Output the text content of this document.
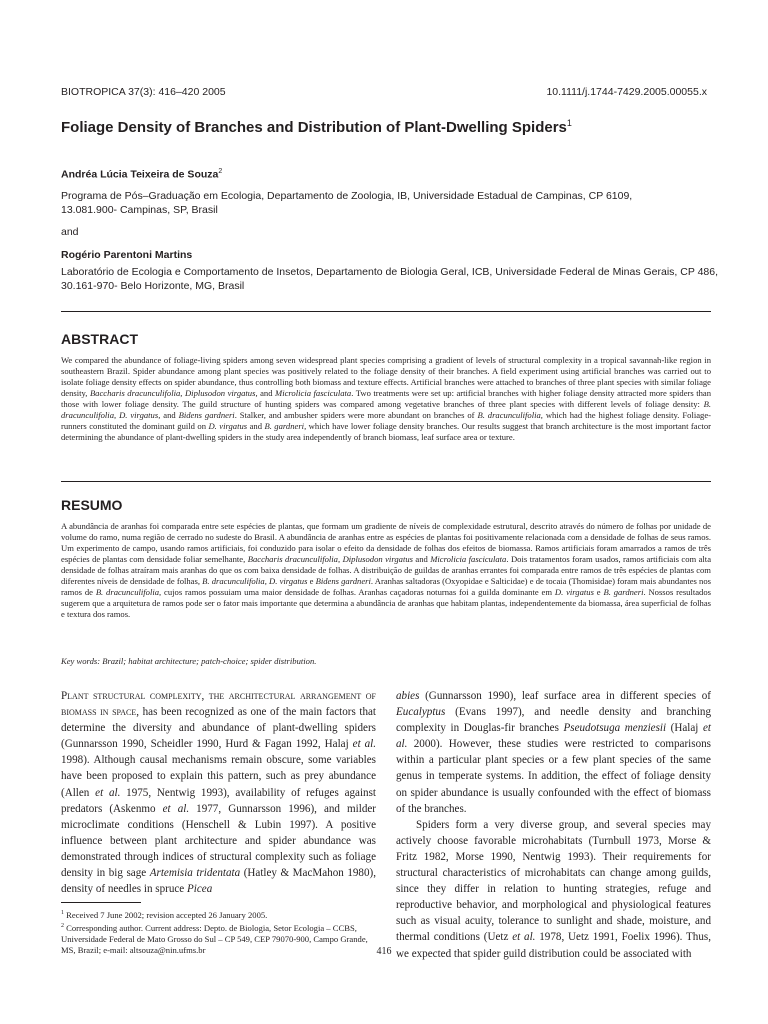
BIOTROPICA 37(3): 416–420 2005	10.1111/j.1744-7429.2005.00055.x
Foliage Density of Branches and Distribution of Plant-Dwelling Spiders$^1$
Andréa Lúcia Teixeira de Souza$^2$
Programa de Pós–Graduação em Ecologia, Departamento de Zoologia, IB, Universidade Estadual de Campinas, CP 6109,
13.081.900- Campinas, SP, Brasil
and
Rogério Parentoni Martins
Laboratório de Ecologia e Comportamento de Insetos, Departamento de Biologia Geral, ICB, Universidade Federal de Minas Gerais, CP 486,
30.161-970- Belo Horizonte, MG, Brasil
ABSTRACT
We compared the abundance of foliage-living spiders among seven widespread plant species comprising a gradient of levels of structural complexity in a tropical savannah-like region in southeastern Brazil. Spider abundance among plant species was positively related to the foliage density of their branches. A field experiment using artificial branches was carried out to isolate foliage density effects on spider abundance, thus controlling both biomass and texture effects. Artificial branches were attached to branches of three plant species with similar foliage density, Baccharis dracunculifolia, Diplusodon virgatus, and Microlicia fasciculata. Two treatments were set up: artificial branches with higher foliage density attracted more spiders than those with lower foliage density. The guild structure of hunting spiders was compared among vegetative branches of three plant species with different levels of foliage density: B. dracunculifolia, D. virgatus, and Bidens gardneri. Stalker, and ambusher spiders were more abundant on branches of B. dracunculifolia, which had the highest foliage density. Foliage-runners constituted the dominant guild on D. virgatus and B. gardneri, which have lower foliage density branches. Our results suggest that branch architecture is the most important factor determining the abundance of plant-dwelling spiders in the study area independently of branch biomass, leaf surface area or texture.
RESUMO
A abundância de aranhas foi comparada entre sete espécies de plantas, que formam um gradiente de níveis de complexidade estrutural, descrito através do número de folhas por unidade de volume do ramo, numa região de cerrado no sudeste do Brasil. A abundância de aranhas entre as espécies de plantas foi positivamente relacionada com a densidade de folhas de seus ramos. Um experimento de campo, usando ramos artificiais, foi conduzido para isolar o efeito da densidade de folhas dos efeitos de biomassa. Ramos artificiais foram amarrados a ramos de três espécies de plantas com densidade foliar semelhante, Baccharis dracunculifolia, Diplusodon virgatus and Microlicia fasciculata. Dois tratamentos foram usados, ramos artificiais com alta densidade de folhas atraíram mais aranhas do que os com baixa densidade de folhas. A distribuição de guildas de aranhas errantes foi comparada entre ramos de três espécies de plantas com diferentes níveis de densidade de folhas, B. dracunculifolia, D. virgatus e Bidens gardneri. Aranhas saltadoras (Oxyopidae e Salticidae) e de tocaia (Thomisidae) foram mais abundantes nos ramos de B. dracunculifolia, cujos ramos possuiam uma maior densidade de folhas. Aranhas caçadoras noturnas foi a guilda dominante em D. virgatus e B. gardneri. Nossos resultados sugerem que a arquitetura de ramos pode ser o fator mais importante que determina a abundância de aranhas que habitam plantas, independentemente da biomassa, área superficial de folhas e textura dos ramos.
Key words: Brazil; habitat architecture; patch-choice; spider distribution.

Plant structural complexity, the architectural arrangement of biomass in space, has been recognized as one of the main factors that determine the diversity and abundance of plant-dwelling spiders (Gunnarsson 1990, Scheidler 1990, Hurd & Fagan 1992, Halaj et al. 1998). Although causal mechanisms remain obscure, some variables have been proposed to explain this pattern, such as prey abundance (Allen et al. 1975, Nentwig 1993), availability of refuges against predators (Askenmo et al. 1977, Gunnarsson 1996), and milder microclimate conditions (Henschell & Lubin 1997). A positive influence between plant architecture and spider abundance was demonstrated through indices of structural complexity such as foliage density in big sage Artemisia tridentata (Hatley & MacMahon 1980), density of needles in spruce Picea

abies (Gunnarsson 1990), leaf surface area in different species of Eucalyptus (Evans 1997), and needle density and branching complexity in Douglas-fir branches Pseudotsuga menziesii (Halaj et al. 2000). However, these studies were restricted to comparisons within a particular plant species or a few plant species of the same genus in temperate systems. In addition, the effect of foliage density on spider abundance is usually confounded with the effect of biomass of the branches.

Spiders form a very diverse group, and several species may actively choose favorable microhabitats (Turnbull 1973, Morse & Fritz 1982, Morse 1990, Nentwig 1993). Their requirements for structural characteristics of microhabitats can change among guilds, since they differ in relation to hunting strategies, refuge and reproductive behavior, and morphological and physiological features such as visual acuity, tolerance to sunlight and shade, moisture, and thermal conditions (Uetz et al. 1978, Uetz 1991, Foelix 1996). Thus, we expected that spider guild distribution could be associated with

$^1$ Received 7 June 2002; revision accepted 26 January 2005.

$^2$ Corresponding author. Current address: Depto. de Biologia, Setor Ecologia – CCBS, Universidade Federal de Mato Grosso do Sul – CP 549, CEP 79070-900, Campo Grande, MS, Brazil; e-mail: altsouza@nin.ufms.br	416
